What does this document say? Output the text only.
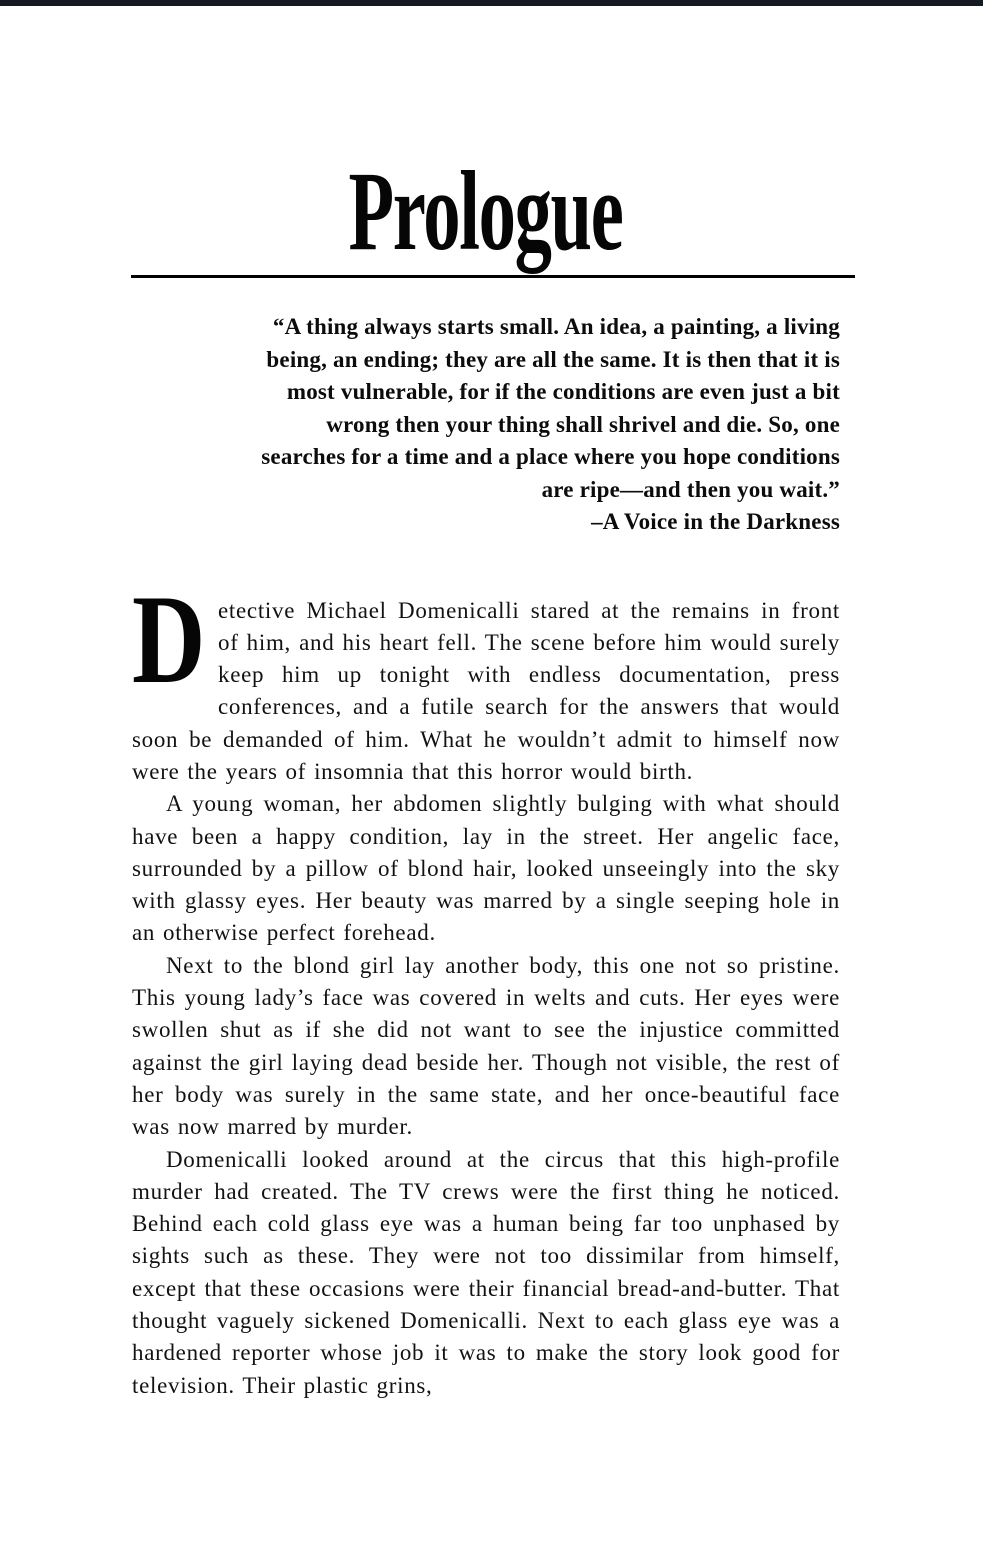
Prologue
“A thing always starts small. An idea, a painting, a living
being, an ending; they are all the same. It is then that it is
most vulnerable, for if the conditions are even just a bit
wrong then your thing shall shrivel and die. So, one
searches for a time and a place where you hope conditions
are ripe—and then you wait.”
–A Voice in the Darkness

D etective Michael Domenicalli stared at the remains in front of him, and his heart fell. The scene before him would surely keep him up tonight with endless documentation, press conferences, and a futile search for the answers that would soon be demanded of him. What he wouldn’t admit to himself now were the years of insomnia that this horror would birth.

A young woman, her abdomen slightly bulging with what should have been a happy condition, lay in the street. Her angelic face, surrounded by a pillow of blond hair, looked unseeingly into the sky with glassy eyes. Her beauty was marred by a single seeping hole in an otherwise perfect forehead.

Next to the blond girl lay another body, this one not so pristine. This young lady’s face was covered in welts and cuts. Her eyes were swollen shut as if she did not want to see the injustice committed against the girl laying dead beside her. Though not visible, the rest of her body was surely in the same state, and her once-beautiful face was now marred by murder.

Domenicalli looked around at the circus that this high-profile murder had created. The TV crews were the first thing he noticed. Behind each cold glass eye was a human being far too unphased by sights such as these. They were not too dissimilar from himself, except that these occasions were their financial bread-and-butter. That thought vaguely sickened Domenicalli. Next to each glass eye was a hardened reporter whose job it was to make the story look good for television. Their plastic grins,
